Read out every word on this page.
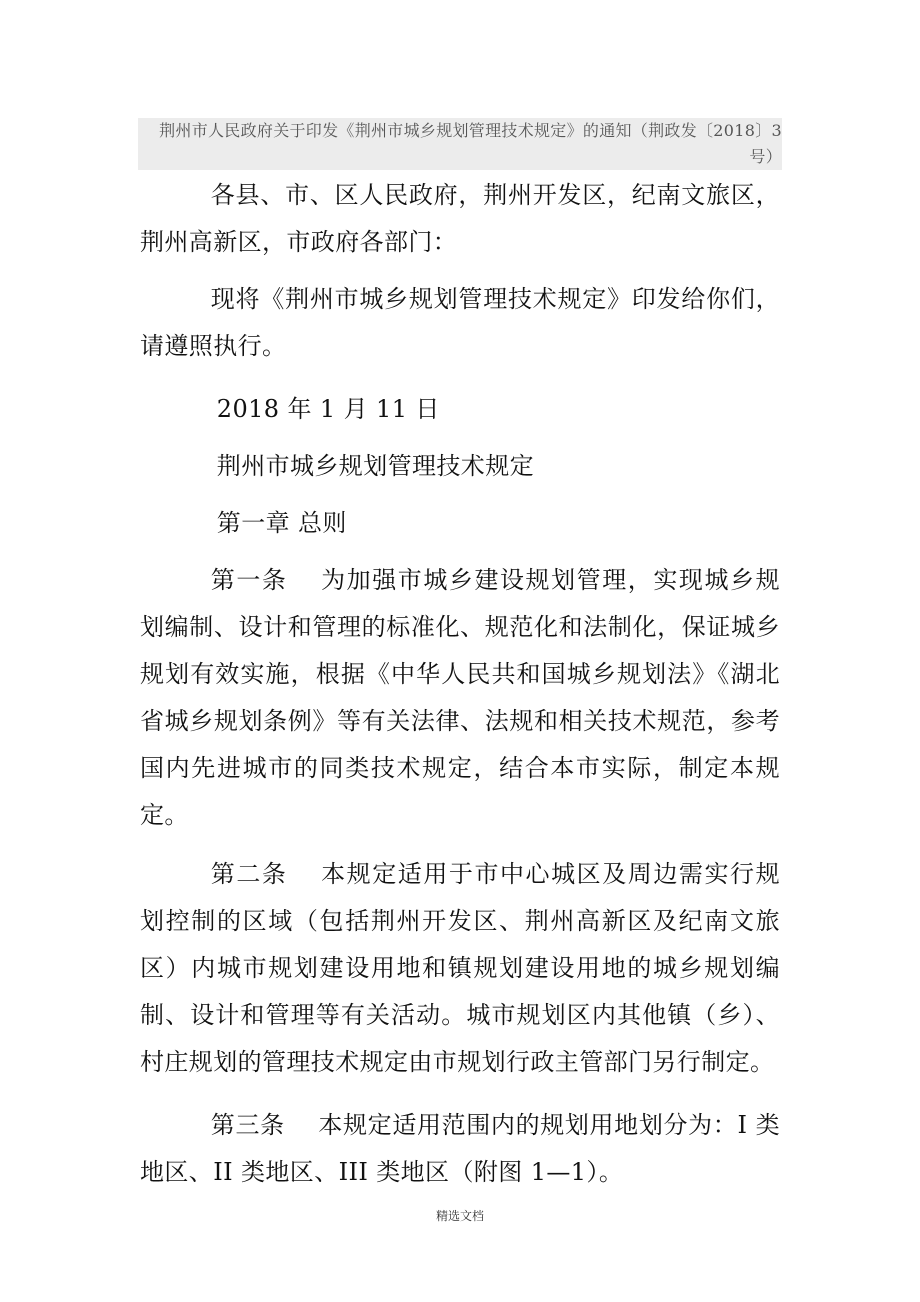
荆州市人民政府关于印发《荆州市城乡规划管理技术规定》的通知（荆政发〔2018〕3号）

各县、市、区人民政府，荆州开发区，纪南文旅区，荆州高新区，市政府各部门：

现将《荆州市城乡规划管理技术规定》印发给你们，请遵照执行。

2018 年 1 月 11 日

荆州市城乡规划管理技术规定

第一章 总则

第一条 为加强市城乡建设规划管理，实现城乡规划编制、设计和管理的标准化、规范化和法制化，保证城乡规划有效实施，根据《中华人民共和国城乡规划法》《湖北省城乡规划条例》等有关法律、法规和相关技术规范，参考国内先进城市的同类技术规定，结合本市实际，制定本规定。

第二条 本规定适用于市中心城区及周边需实行规划控制的区域（包括荆州开发区、荆州高新区及纪南文旅区）内城市规划建设用地和镇规划建设用地的城乡规划编制、设计和管理等有关活动。城市规划区内其他镇（乡）、村庄规划的管理技术规定由市规划行政主管部门另行制定。

第三条 本规定适用范围内的规划用地划分为：I 类地区、II 类地区、III 类地区（附图 1—1）。

精选文档
